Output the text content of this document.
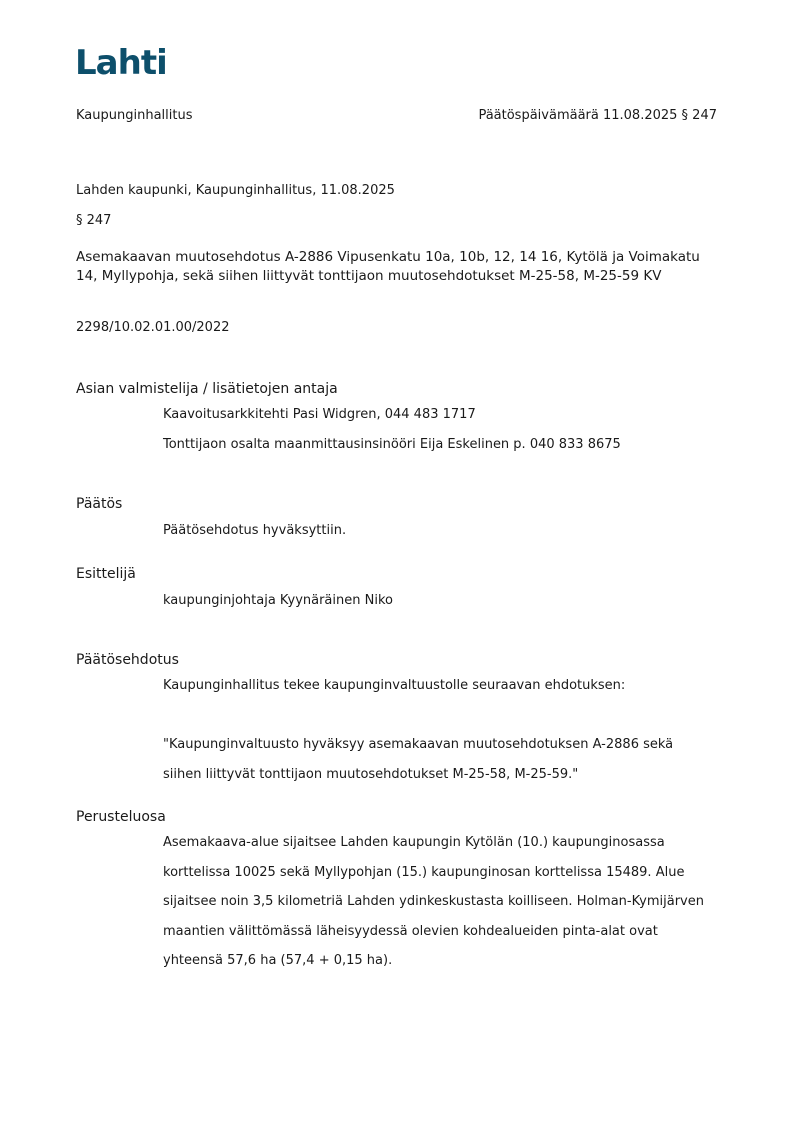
Lahti
Kaupunginhallitus	Päätöspäivämäärä 11.08.2025 § 247
Lahden kaupunki, Kaupunginhallitus, 11.08.2025
§ 247
Asemakaavan muutosehdotus A-2886 Vipusenkatu 10a, 10b, 12, 14 16, Kytölä ja Voimakatu 14, Myllypohja, sekä siihen liittyvät tonttijaon muutosehdotukset M-25-58, M-25-59 KV
2298/10.02.01.00/2022
Asian valmistelija / lisätietojen antaja
Kaavoitusarkkitehti Pasi Widgren, 044 483 1717
Tonttijaon osalta maanmittausinsinööri Eija Eskelinen p. 040 833 8675
Päätös
Päätösehdotus hyväksyttiin.
Esittelijä
kaupunginjohtaja Kyynäräinen Niko
Päätösehdotus
Kaupunginhallitus tekee kaupunginvaltuustolle seuraavan ehdotuksen:
"Kaupunginvaltuusto hyväksyy asemakaavan muutosehdotuksen A-2886 sekä
siihen liittyvät tonttijaon muutosehdotukset M-25-58, M-25-59."
Perusteluosa
Asemakaava-alue sijaitsee Lahden kaupungin Kytölän (10.) kaupunginosassa korttelissa 10025 sekä Myllypohjan (15.) kaupunginosan korttelissa 15489. Alue sijaitsee noin 3,5 kilometriä Lahden ydinkeskustasta koilliseen. Holman-Kymijärven maantien välittömässä läheisyydessä olevien kohdealueiden pinta-alat ovat yhteensä 57,6 ha (57,4 + 0,15 ha).
